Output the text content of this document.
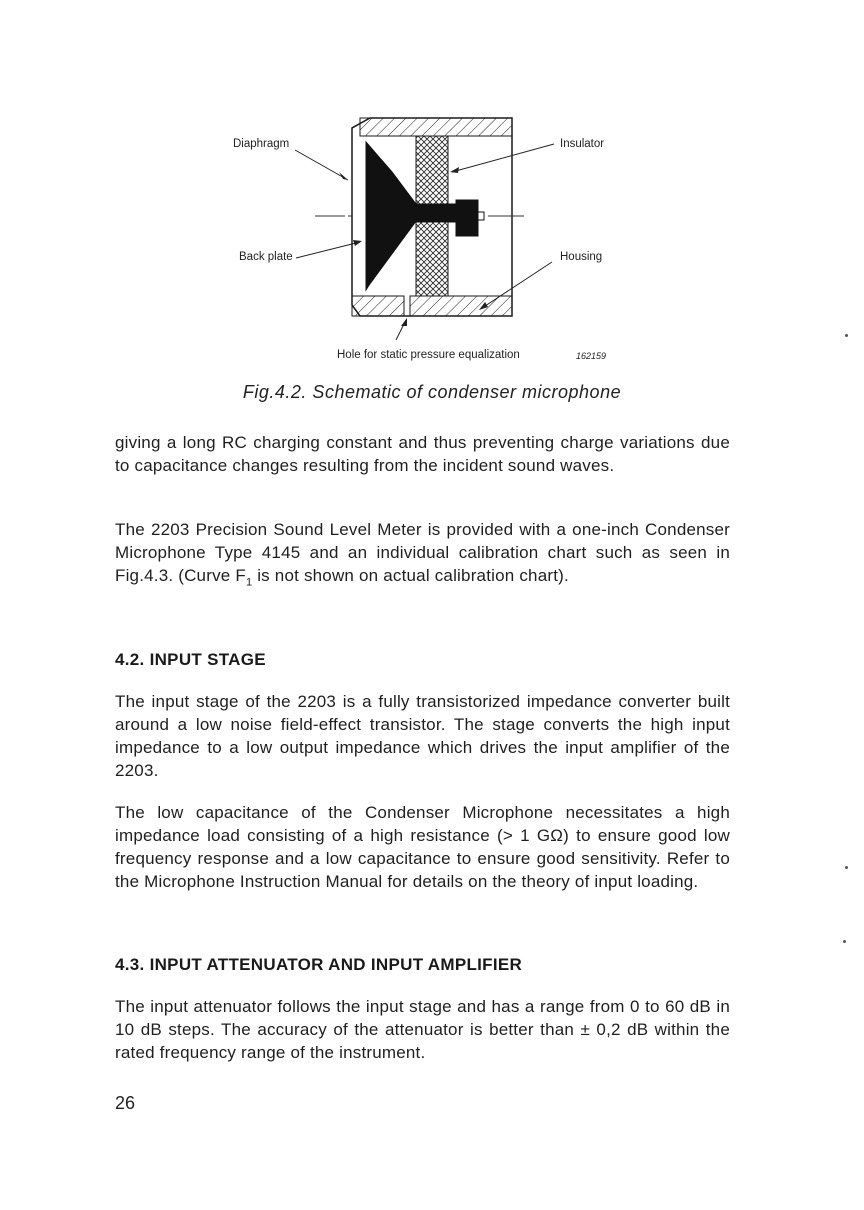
Diaphragm	Insulator
Back plate	Housing
Hole for static pressure equalization	162159
Fig.4.2. Schematic of condenser microphone

giving a long RC charging constant and thus preventing charge variations due to capacitance changes resulting from the incident sound waves.

The 2203 Precision Sound Level Meter is provided with a one-inch Condenser Microphone Type 4145 and an individual calibration chart such as seen in Fig.4.3. (Curve $F_1$ is not shown on actual calibration chart).

4.2. INPUT STAGE

The input stage of the 2203 is a fully transistorized impedance converter built around a low noise field-effect transistor. The stage converts the high input impedance to a low output impedance which drives the input amplifier of the 2203.

The low capacitance of the Condenser Microphone necessitates a high impedance load consisting of a high resistance (> 1 GΩ) to ensure good low frequency response and a low capacitance to ensure good sensitivity. Refer to the Microphone Instruction Manual for details on the theory of input loading.

4.3. INPUT ATTENUATOR AND INPUT AMPLIFIER

The input attenuator follows the input stage and has a range from 0 to 60 dB in 10 dB steps. The accuracy of the attenuator is better than ± 0,2 dB within the rated frequency range of the instrument.

26
